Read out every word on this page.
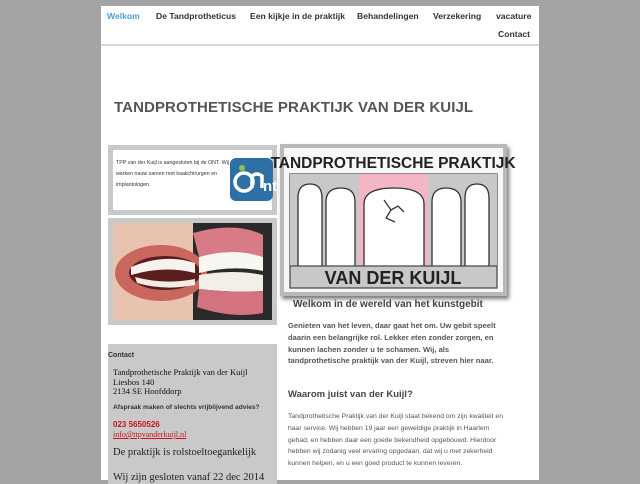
Welkom De Tandprotheticus Een kijkje in de praktijk Behandelingen Verzekering vacature
Contact
TANDPROTHETISCHE PRAKTIJK VAN DER KUIJL
TPP van der Kuijl is aangesloten bij de ONT. Wij werken nauw samen met kaakchirurgen en implantologen.	nt
Contact
Tandprothetische Praktijk van der Kuijl
Liesbos 140
2134 SE Hoofddorp
Afspraak maken of slechts vrijblijvend advies?
023 5650526
info@ttpvanderkuijl.nl
De praktijk is rolstoeltoegankelijk
Wij zijn gesloten vanaf 22 dec 2014
TANDPROTHETISCHE PRAKTIJK
VAN DER KUIJL
Welkom in de wereld van het kunstgebit
Genieten van het leven, daar gaat het om. Uw gebit speelt daarin een belangrijke rol. Lekker eten zonder zorgen, en kunnen lachen zonder u te schamen. Wij, als tandprothetische praktijk van der Kuijl, streven hier naar.
Waarom juist van der Kuijl?
Tandprothetische Praktijk van der Kuijl staat bekend om zijn kwaliteit en haar service. Wij hebben 19 jaar een geweldige praktijk in Haarlem gehad, en hebben daar een goede bekendheid opgebouwd. Hierdoor hebben wij zodanig veel ervaring opgedaan, dat wij u met zekerheid kunnen helpen, en u een goed product te kunnen leveren.
